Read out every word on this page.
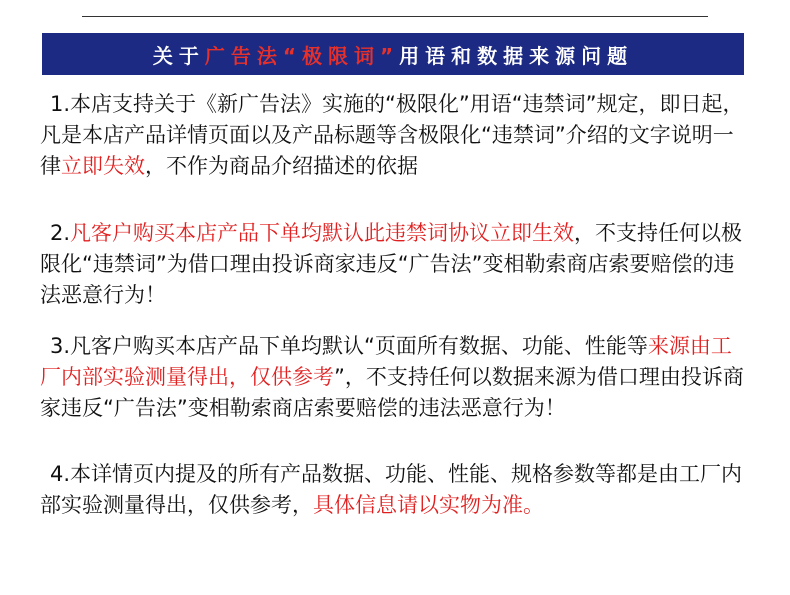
关于 广告法“极限词” 用语和数据来源问题
1.本店支持关于《新广告法》实施的“极限化”用语“违禁词”规定，即日起，凡是本店产品详情页面以及产品标题等含极限化“违禁词”介绍的文字说明一律立即失效，不作为商品介绍描述的依据
2.凡客户购买本店产品下单均默认此违禁词协议立即生效，不支持任何以极限化“违禁词”为借口理由投诉商家违反“广告法”变相勒索商店索要赔偿的违法恶意行为！
3.凡客户购买本店产品下单均默认“页面所有数据、功能、性能等来源由工厂内部实验测量得出，仅供参考”，不支持任何以数据来源为借口理由投诉商家违反“广告法”变相勒索商店索要赔偿的违法恶意行为！
4.本详情页内提及的所有产品数据、功能、性能、规格参数等都是由工厂内部实验测量得出，仅供参考，具体信息请以实物为准。
